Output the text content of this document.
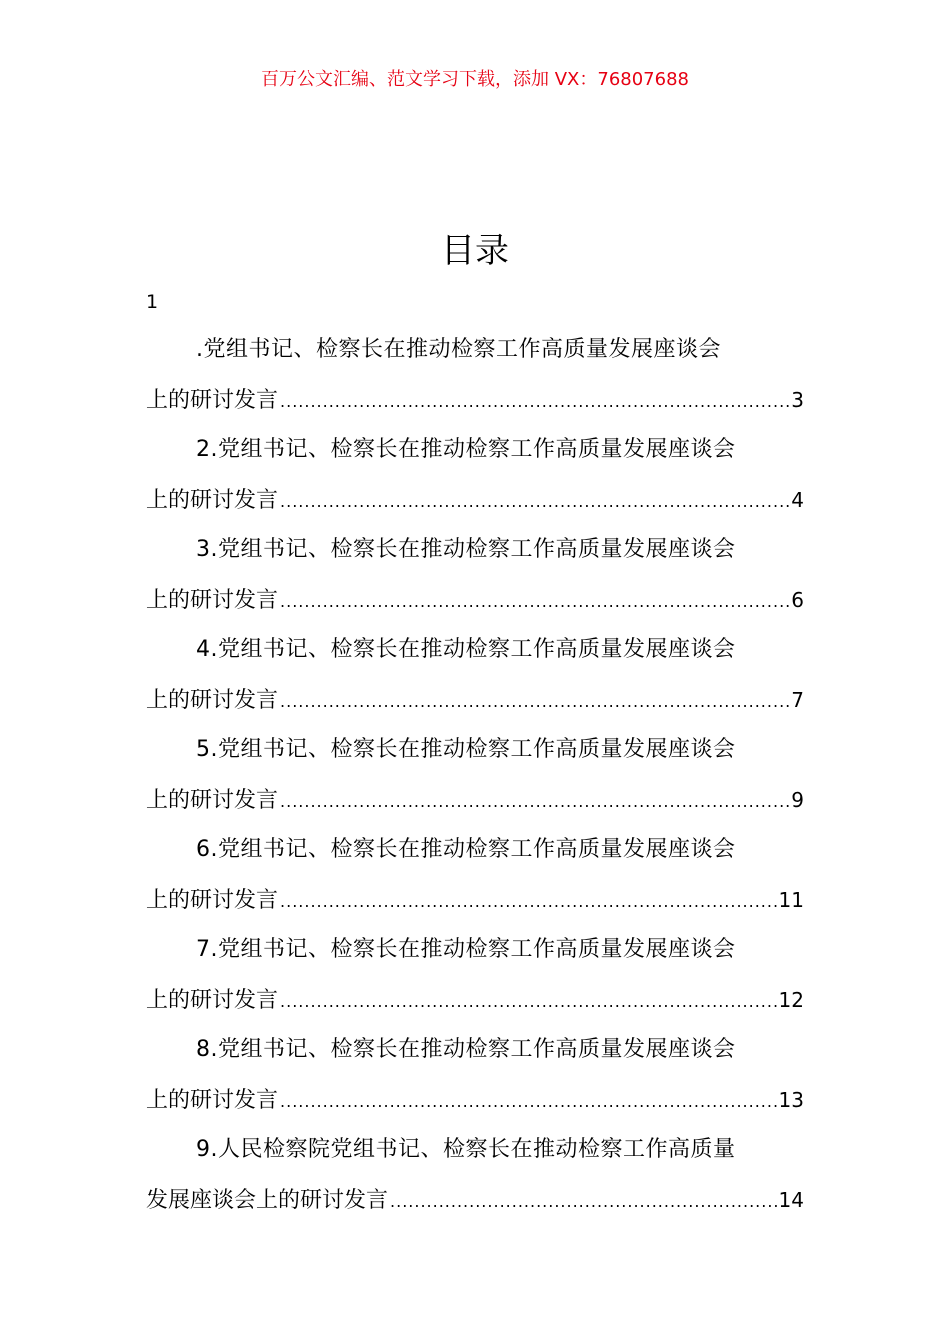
百万公文汇编、范文学习下载，添加 VX：76807688
目录
1
.党组书记、检察长在推动检察工作高质量发展座谈会
上的研讨发言 .....	3
2.党组书记、检察长在推动检察工作高质量发展座谈会
上的研讨发言 .....	4
3.党组书记、检察长在推动检察工作高质量发展座谈会
上的研讨发言 .....	6
4.党组书记、检察长在推动检察工作高质量发展座谈会
上的研讨发言 .....	7
5.党组书记、检察长在推动检察工作高质量发展座谈会
上的研讨发言 .....	9
6.党组书记、检察长在推动检察工作高质量发展座谈会
上的研讨发言 .....	11
7.党组书记、检察长在推动检察工作高质量发展座谈会
上的研讨发言 .....	12
8.党组书记、检察长在推动检察工作高质量发展座谈会
上的研讨发言 .....	13
9.人民检察院党组书记、检察长在推动检察工作高质量
发展座谈会上的研讨发言 .....	14
